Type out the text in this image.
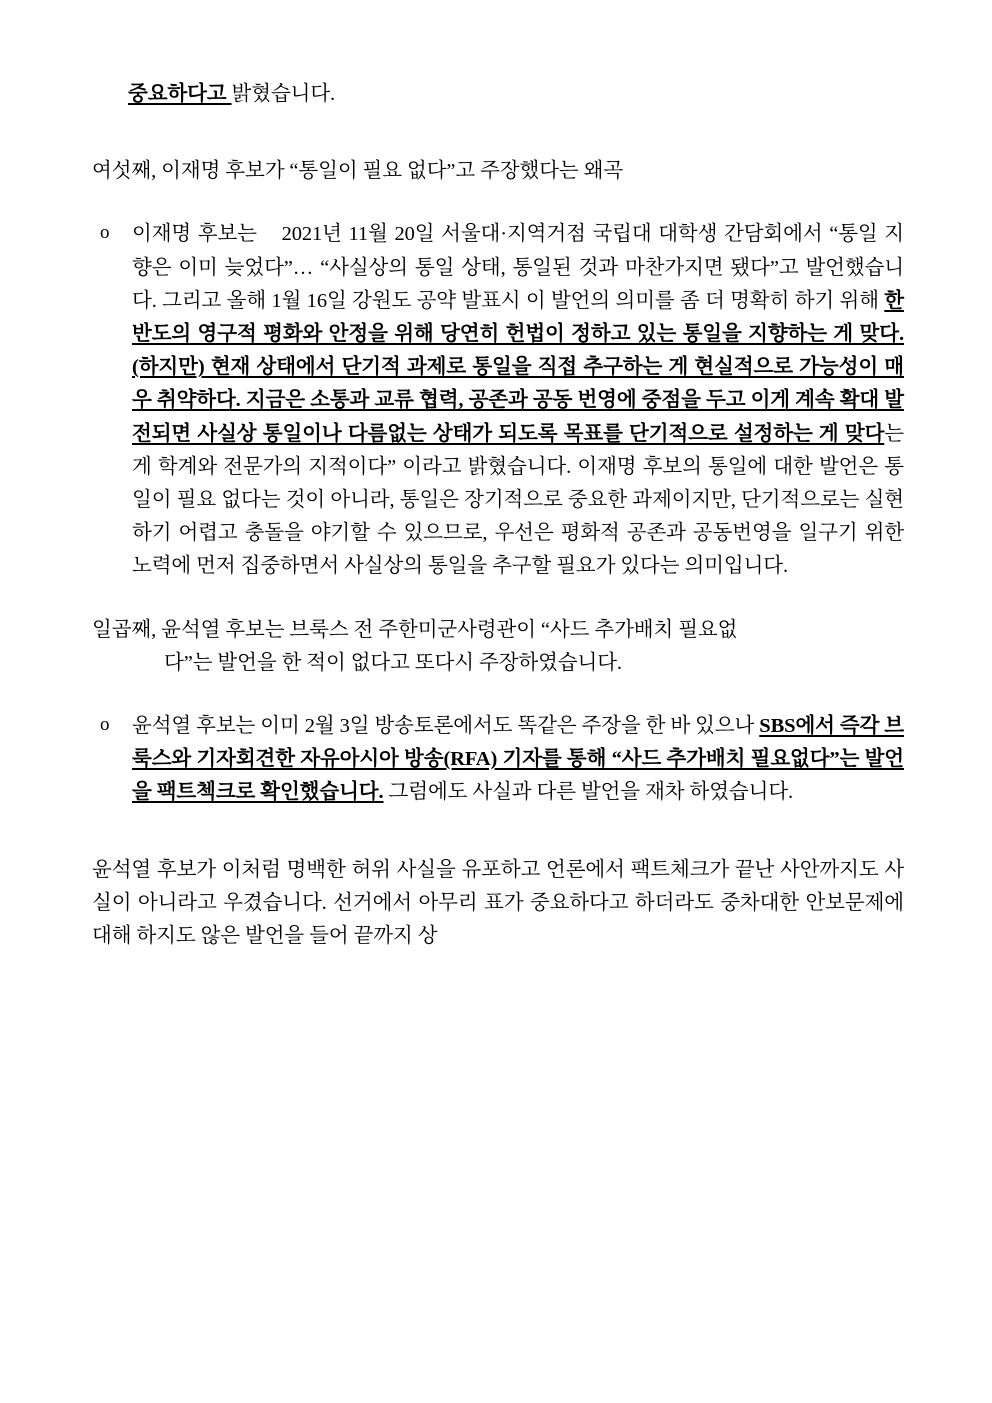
중요하다고 밝혔습니다.

여섯째, 이재명 후보가 “통일이 필요 없다”고 주장했다는 왜곡

o 이재명 후보는 2021년 11월 20일 서울대·지역거점 국립대 대학생 간담회에서 “통일 지향은 이미 늦었다”… “사실상의 통일 상태, 통일된 것과 마찬가지면 됐다”고 발언했습니다. 그리고 올해 1월 16일 강원도 공약 발표시 이 발언의 의미를 좀 더 명확히 하기 위해 한반도의 영구적 평화와 안정을 위해 당연히 헌법이 정하고 있는 통일을 지향하는 게 맞다. (하지만) 현재 상태에서 단기적 과제로 통일을 직접 추구하는 게 현실적으로 가능성이 매우 취약하다. 지금은 소통과 교류 협력, 공존과 공동 번영에 중점을 두고 이게 계속 확대 발전되면 사실상 통일이나 다름없는 상태가 되도록 목표를 단기적으로 설정하는 게 맞다는 게 학계와 전문가의 지적이다” 이라고 밝혔습니다. 이재명 후보의 통일에 대한 발언은 통일이 필요 없다는 것이 아니라, 통일은 장기적으로 중요한 과제이지만, 단기적으로는 실현하기 어렵고 충돌을 야기할 수 있으므로, 우선은 평화적 공존과 공동번영을 일구기 위한 노력에 먼저 집중하면서 사실상의 통일을 추구할 필요가 있다는 의미입니다.

일곱째, 윤석열 후보는 브룩스 전 주한미군사령관이 “사드 추가배치 필요없
다”는 발언을 한 적이 없다고 또다시 주장하였습니다.

o 윤석열 후보는 이미 2월 3일 방송토론에서도 똑같은 주장을 한 바 있으나 SBS에서 즉각 브룩스와 기자회견한 자유아시아 방송(RFA) 기자를 통해 “사드 추가배치 필요없다”는 발언을 팩트첵크로 확인했습니다. 그럼에도 사실과 다른 발언을 재차 하였습니다.

윤석열 후보가 이처럼 명백한 허위 사실을 유포하고 언론에서 팩트체크가 끝난 사안까지도 사실이 아니라고 우겼습니다. 선거에서 아무리 표가 중요하다고 하더라도 중차대한 안보문제에 대해 하지도 않은 발언을 들어 끝까지 상
